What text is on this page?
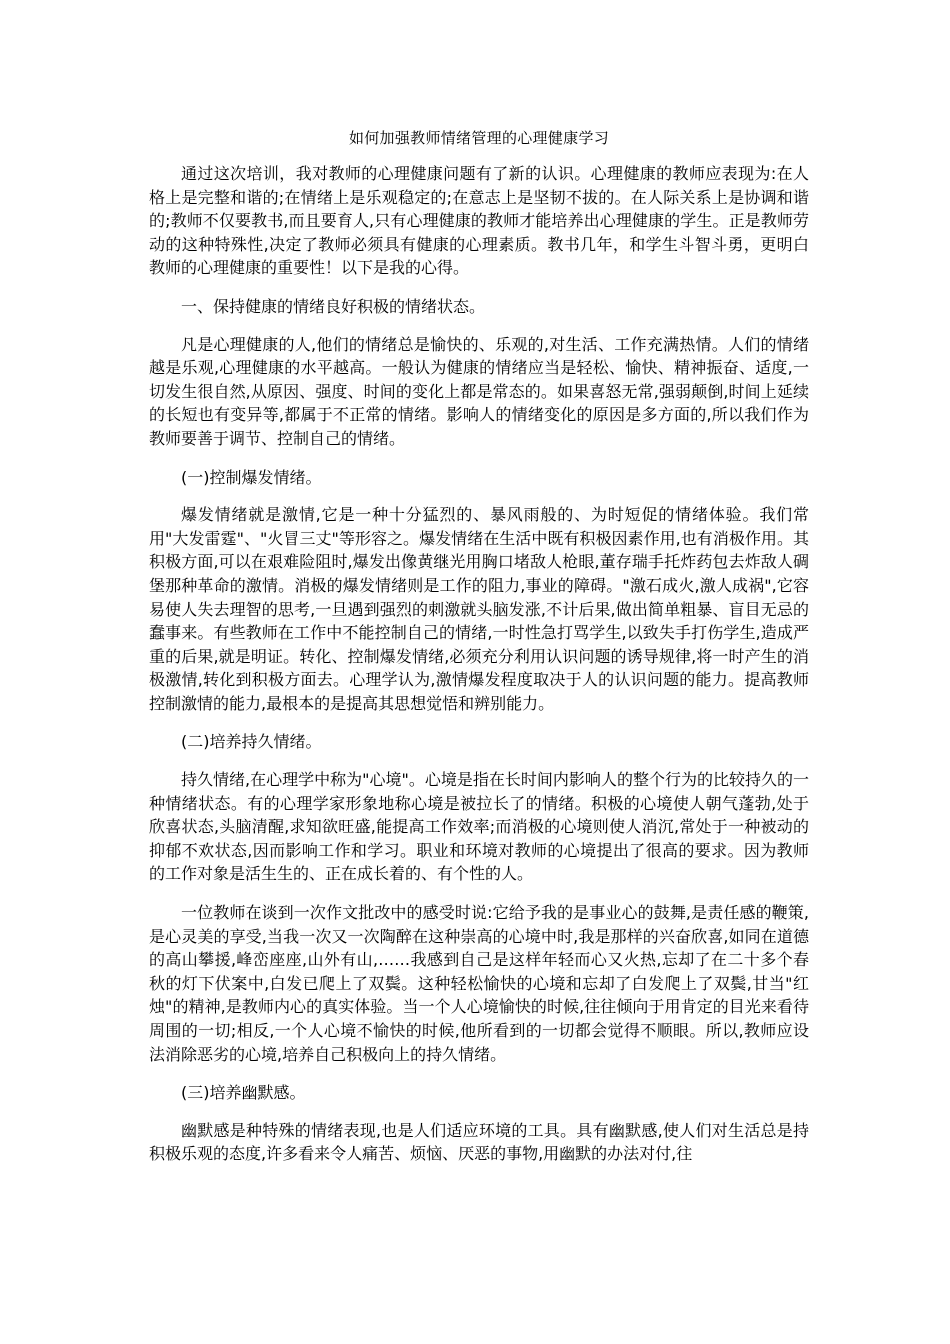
如何加强教师情绪管理的心理健康学习

通过这次培训，我对教师的心理健康问题有了新的认识。心理健康的教师应表现为:在人格上是完整和谐的;在情绪上是乐观稳定的;在意志上是坚韧不拔的。在人际关系上是协调和谐的;教师不仅要教书,而且要育人,只有心理健康的教师才能培养出心理健康的学生。正是教师劳动的这种特殊性,决定了教师必须具有健康的心理素质。教书几年，和学生斗智斗勇，更明白教师的心理健康的重要性！以下是我的心得。

一、保持健康的情绪良好积极的情绪状态。

凡是心理健康的人,他们的情绪总是愉快的、乐观的,对生活、工作充满热情。人们的情绪越是乐观,心理健康的水平越高。一般认为健康的情绪应当是轻松、愉快、精神振奋、适度,一切发生很自然,从原因、强度、时间的变化上都是常态的。如果喜怒无常,强弱颠倒,时间上延续的长短也有变异等,都属于不正常的情绪。影响人的情绪变化的原因是多方面的,所以我们作为教师要善于调节、控制自己的情绪。

(一)控制爆发情绪。

爆发情绪就是激情,它是一种十分猛烈的、暴风雨般的、为时短促的情绪体验。我们常用"大发雷霆"、"火冒三丈"等形容之。爆发情绪在生活中既有积极因素作用,也有消极作用。其积极方面,可以在艰难险阻时,爆发出像黄继光用胸口堵敌人枪眼,董存瑞手托炸药包去炸敌人碉堡那种革命的激情。消极的爆发情绪则是工作的阻力,事业的障碍。"激石成火,激人成祸",它容易使人失去理智的思考,一旦遇到强烈的刺激就头脑发涨,不计后果,做出简单粗暴、盲目无忌的蠢事来。有些教师在工作中不能控制自己的情绪,一时性急打骂学生,以致失手打伤学生,造成严重的后果,就是明证。转化、控制爆发情绪,必须充分利用认识问题的诱导规律,将一时产生的消极激情,转化到积极方面去。心理学认为,激情爆发程度取决于人的认识问题的能力。提高教师控制激情的能力,最根本的是提高其思想觉悟和辨别能力。

(二)培养持久情绪。

持久情绪,在心理学中称为"心境"。心境是指在长时间内影响人的整个行为的比较持久的一种情绪状态。有的心理学家形象地称心境是被拉长了的情绪。积极的心境使人朝气蓬勃,处于欣喜状态,头脑清醒,求知欲旺盛,能提高工作效率;而消极的心境则使人消沉,常处于一种被动的抑郁不欢状态,因而影响工作和学习。职业和环境对教师的心境提出了很高的要求。因为教师的工作对象是活生生的、正在成长着的、有个性的人。

一位教师在谈到一次作文批改中的感受时说:它给予我的是事业心的鼓舞,是责任感的鞭策,是心灵美的享受,当我一次又一次陶醉在这种崇高的心境中时,我是那样的兴奋欣喜,如同在道德的高山攀援,峰峦座座,山外有山,……我感到自己是这样年轻而心又火热,忘却了在二十多个春秋的灯下伏案中,白发已爬上了双鬓。这种轻松愉快的心境和忘却了白发爬上了双鬓,甘当"红烛"的精神,是教师内心的真实体验。当一个人心境愉快的时候,往往倾向于用肯定的目光来看待周围的一切;相反,一个人心境不愉快的时候,他所看到的一切都会觉得不顺眼。所以,教师应设法消除恶劣的心境,培养自己积极向上的持久情绪。

(三)培养幽默感。

幽默感是种特殊的情绪表现,也是人们适应环境的工具。具有幽默感,使人们对生活总是持积极乐观的态度,许多看来令人痛苦、烦恼、厌恶的事物,用幽默的办法对付,往
